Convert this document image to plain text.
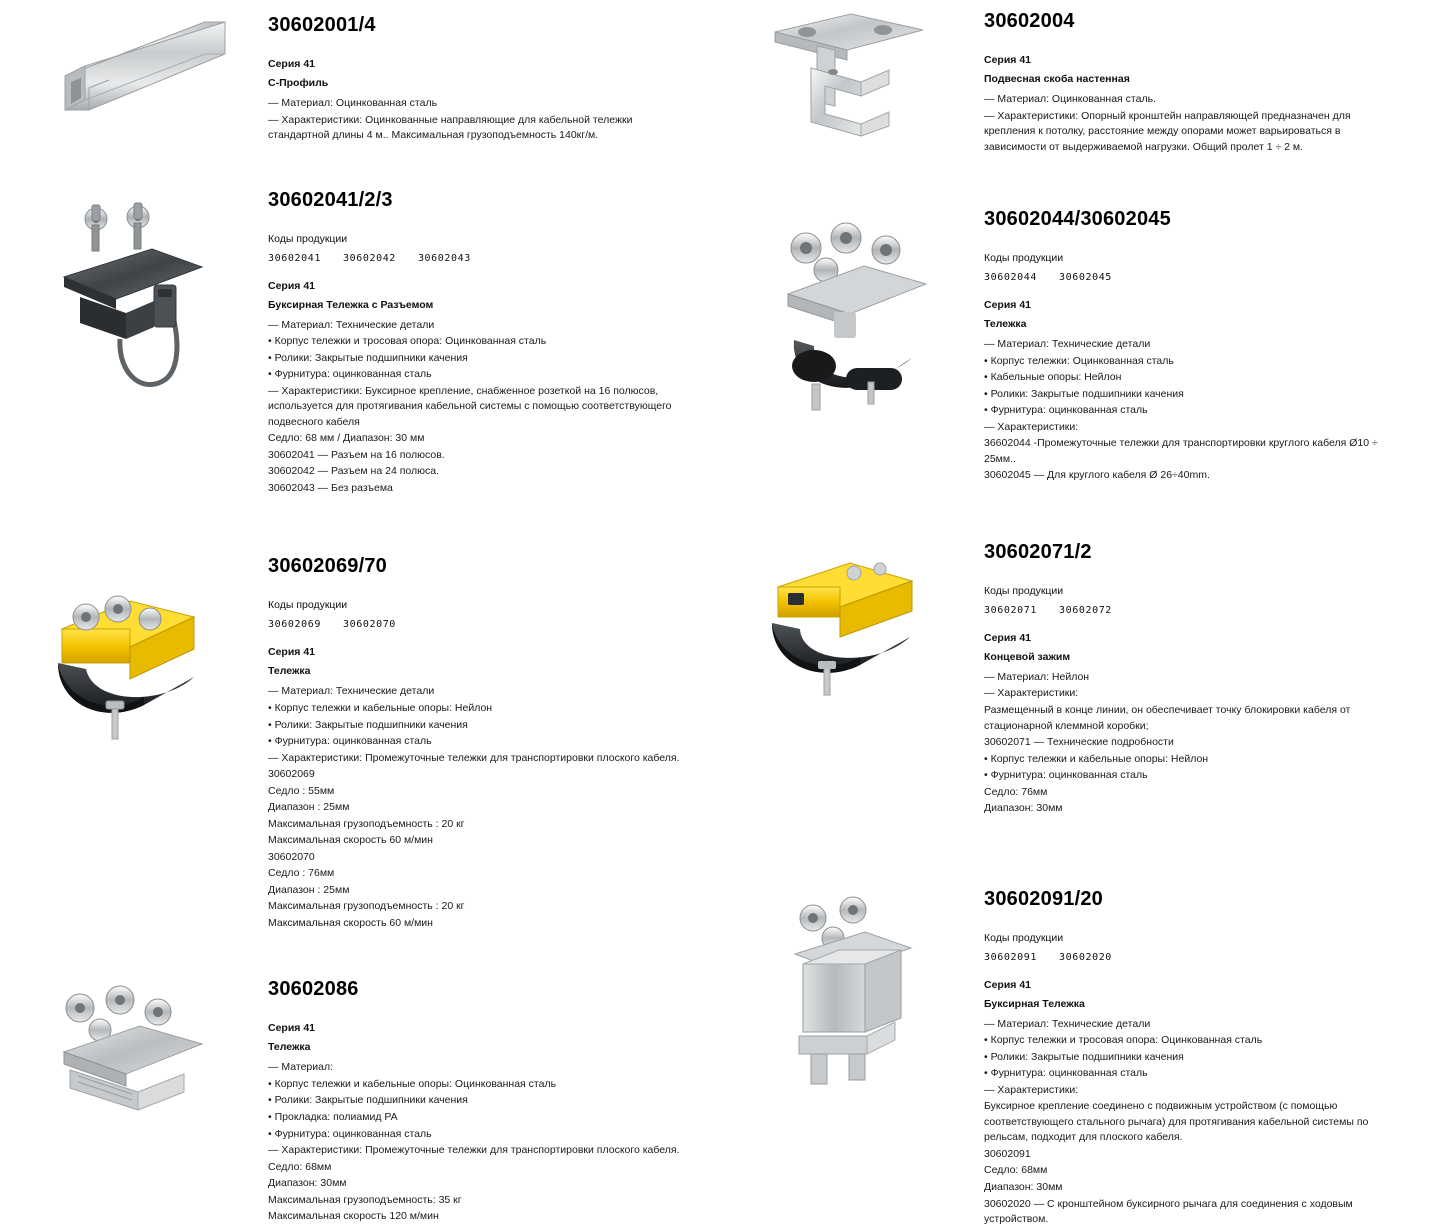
30602001/4
Серия 41
С-Профиль
— Материал: Оцинкованная сталь
— Характеристики: Оцинкованные направляющие для кабельной тележки стандартной длины 4 м.. Максимальная грузоподъемность 140кг/м.
30602041/2/3
Коды продукции
30602041 30602042 30602043
Серия 41
Буксирная Тележка с Разъемом
— Материал: Технические детали
• Корпус тележки и тросовая опора: Оцинкованная сталь
• Ролики: Закрытые подшипники качения
• Фурнитура: оцинкованная сталь
— Характеристики: Буксирное крепление, снабженное розеткой на 16 полюсов, используется для протягивания кабельной системы с помощью соответствующего подвесного кабеля

Седло: 68 мм / Диапазон: 30 мм

30602041 — Разъем на 16 полюсов.

30602042 — Разъем на 24 полюса.

30602043 — Без разъема

30602069/70
Коды продукции
30602069 30602070
Серия 41
Тележка
— Материал: Технические детали
• Корпус тележки и кабельные опоры: Нейлон
• Ролики: Закрытые подшипники качения
• Фурнитура: оцинкованная сталь
— Характеристики: Промежуточные тележки для транспортировки плоского кабеля.

30602069

Седло : 55мм

Диапазон : 25мм

Максимальная грузоподъемность : 20 кг

Максимальная скорость 60 м/мин

30602070

Седло : 76мм

Диапазон : 25мм

Максимальная грузоподъемность : 20 кг

Максимальная скорость 60 м/мин

30602086
Серия 41
Тележка
— Материал:
• Корпус тележки и кабельные опоры: Оцинкованная сталь
• Ролики: Закрытые подшипники качения
• Прокладка: полиамид PA
• Фурнитура: оцинкованная сталь
— Характеристики: Промежуточные тележки для транспортировки плоского кабеля.

Седло: 68мм

Диапазон: 30мм

Максимальная грузоподъемность: 35 кг

Максимальная скорость 120 м/мин

30602004
Серия 41
Подвесная скоба настенная
— Материал: Оцинкованная сталь.
— Характеристики: Опорный кронштейн направляющей предназначен для крепления к потолку, расстояние между опорами может варьироваться в зависимости от выдерживаемой нагрузки. Общий пролет 1 ÷ 2 м.
30602044/30602045
Коды продукции
30602044 30602045
Серия 41
Тележка
— Материал: Технические детали
• Корпус тележки: Оцинкованная сталь
• Кабельные опоры: Нейлон
• Ролики: Закрытые подшипники качения
• Фурнитура: оцинкованная сталь
— Характеристики:

36602044 -Промежуточные тележки для транспортировки круглого кабеля Ø10 ÷ 25мм..

30602045 — Для круглого кабеля Ø 26÷40mm.

30602071/2
Коды продукции
30602071 30602072
Серия 41
Концевой зажим
— Материал: Нейлон
— Характеристики:

Размещенный в конце линии, он обеспечивает точку блокировки кабеля от стационарной клеммной коробки;

30602071 — Технические подробности

• Корпус тележки и кабельные опоры: Нейлон
• Фурнитура: оцинкованная сталь

Седло: 76мм

Диапазон: 30мм

30602091/20
Коды продукции
30602091 30602020
Серия 41
Буксирная Тележка
— Материал: Технические детали
• Корпус тележки и тросовая опора: Оцинкованная сталь
• Ролики: Закрытые подшипники качения
• Фурнитура: оцинкованная сталь
— Характеристики:

Буксирное крепление соединено с подвижным устройством (с помощью соответствующего стального рычага) для протягивания кабельной системы по рельсам, подходит для плоского кабеля.

30602091

Седло: 68мм

Диапазон: 30мм

30602020 — С кронштейном буксирного рычага для соединения с ходовым устройством.
